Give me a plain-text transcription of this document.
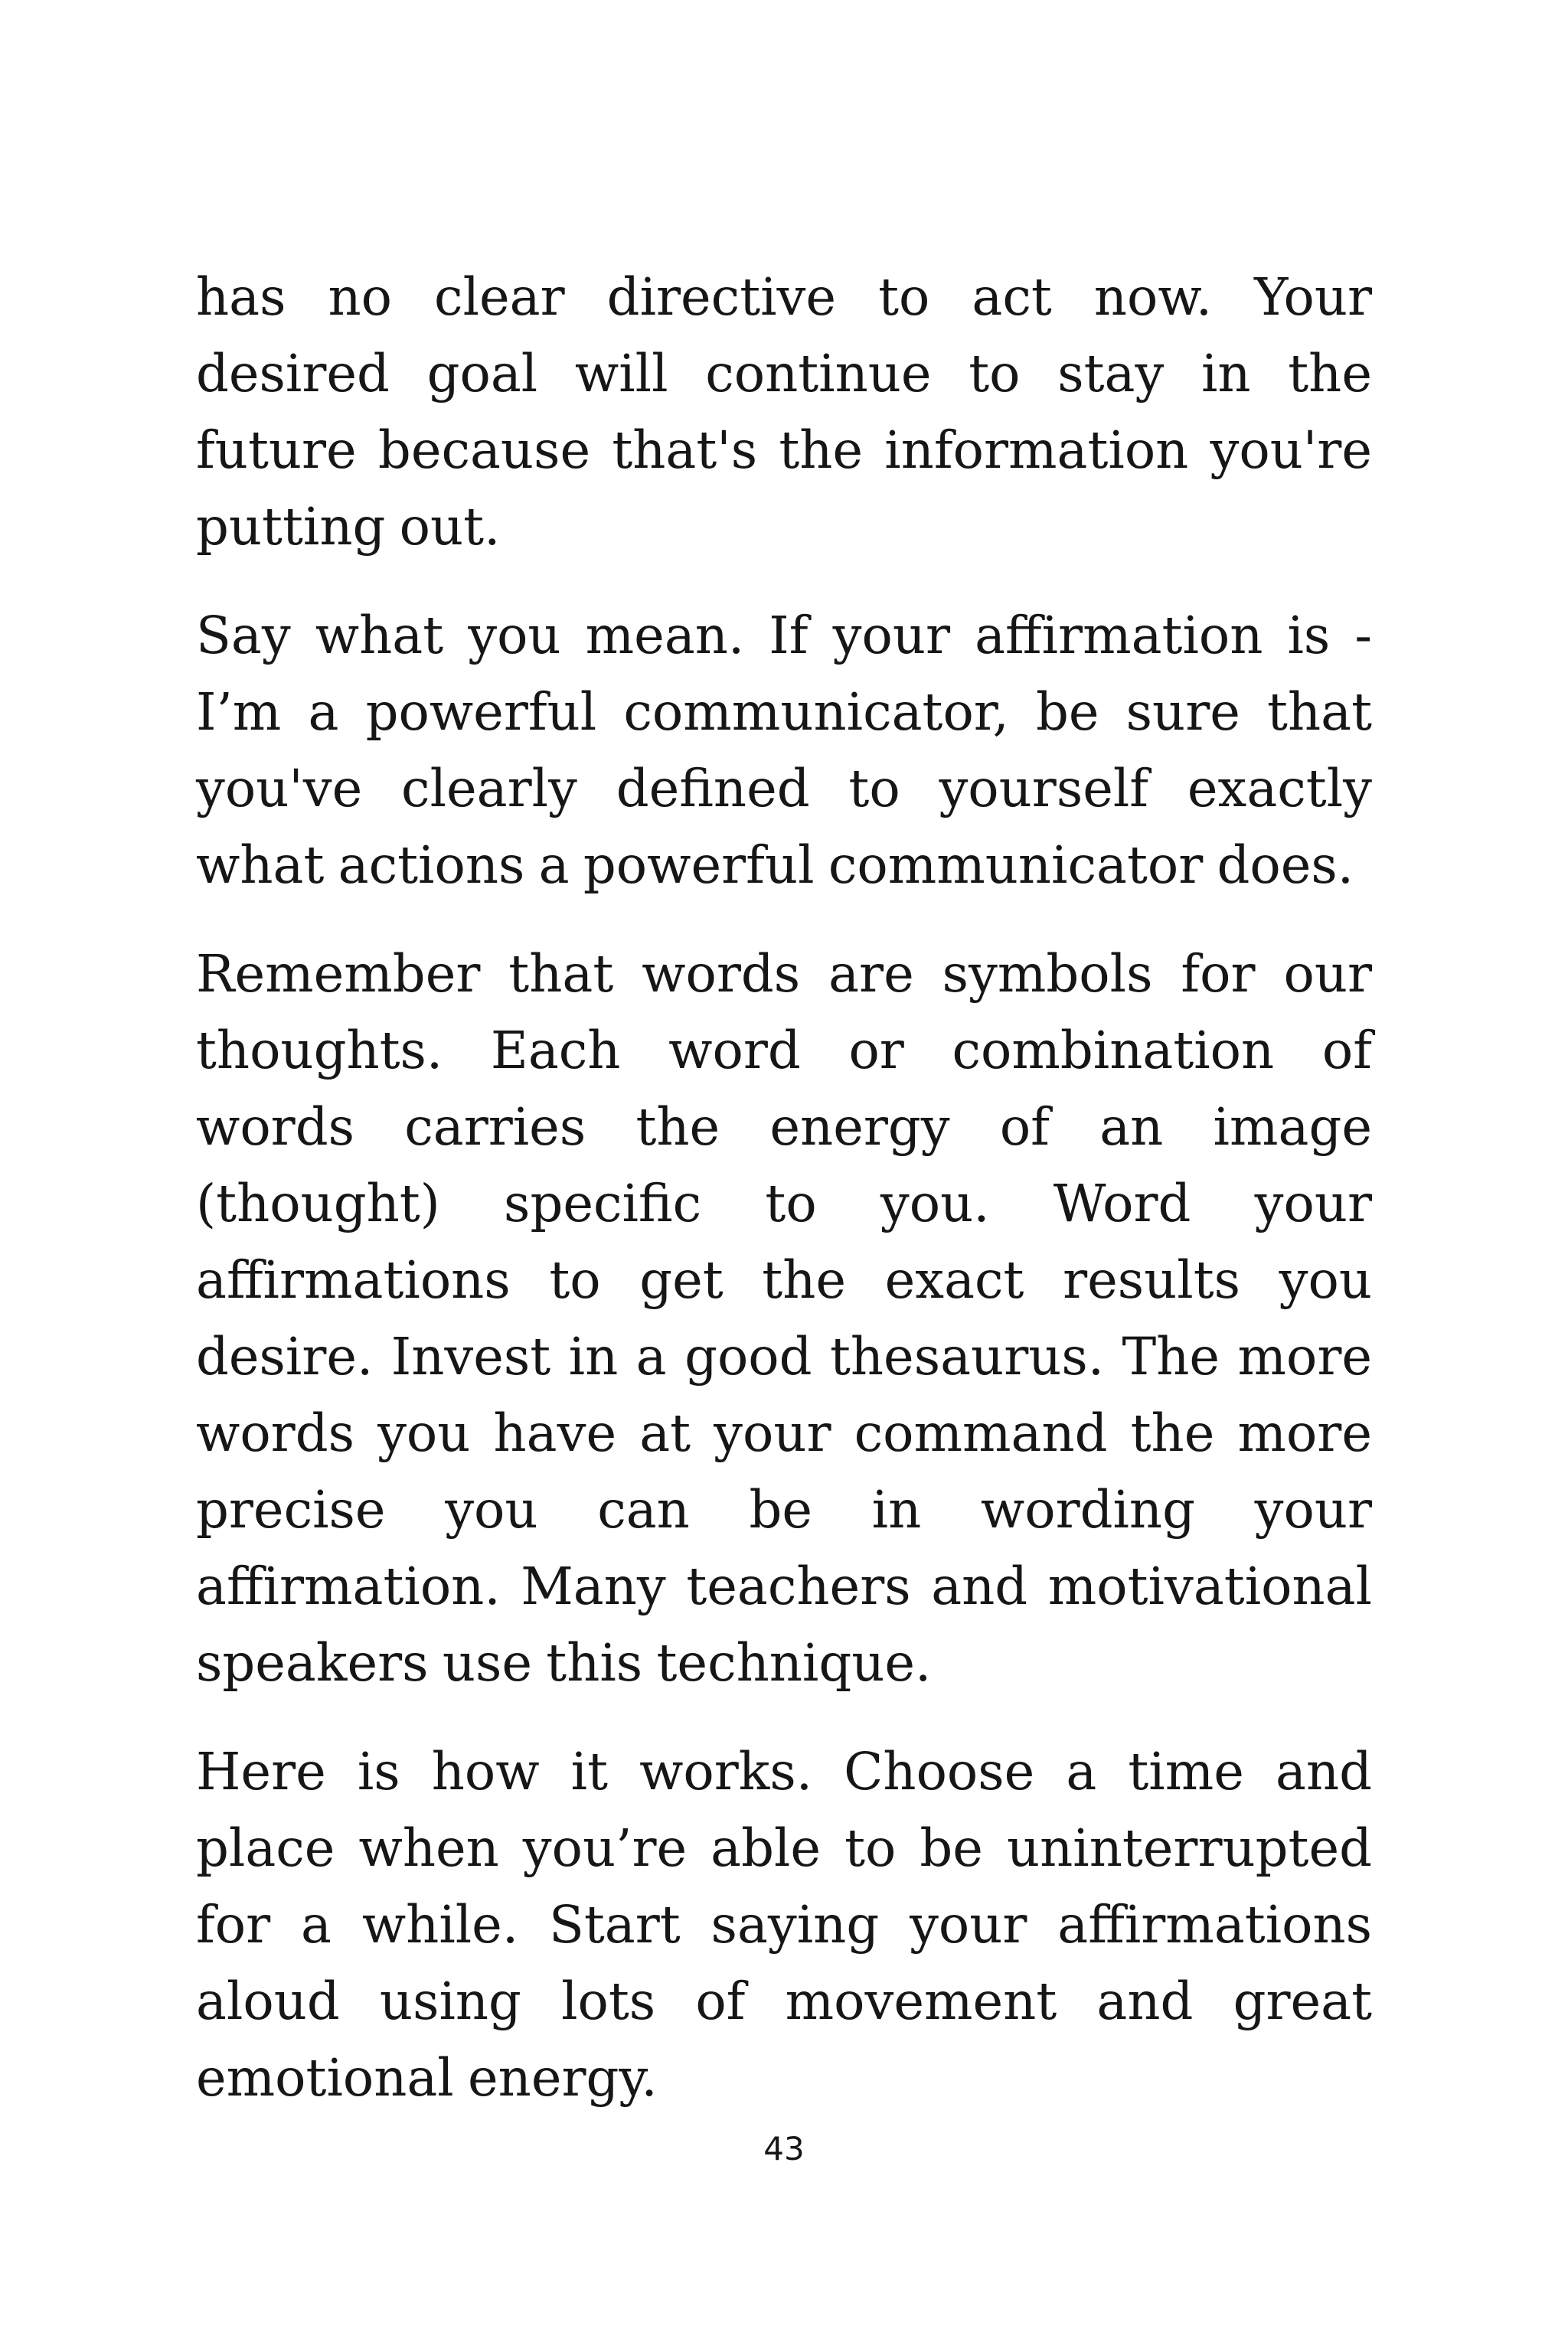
has no clear directive to act now. Your desired goal will continue to stay in the future because that's the information you're putting out.

Say what you mean. If your affirmation is - I’m a powerful communicator, be sure that you've clearly defined to yourself exactly what actions a powerful communicator does.

Remember that words are symbols for our thoughts. Each word or combination of words carries the energy of an image (thought) specific to you. Word your affirmations to get the exact results you desire. Invest in a good thesaurus. The more words you have at your command the more precise you can be in wording your affirmation. Many teachers and motivational speakers use this technique.

Here is how it works. Choose a time and place when you’re able to be uninterrupted for a while. Start saying your affirmations aloud using lots of movement and great emotional energy.

43
